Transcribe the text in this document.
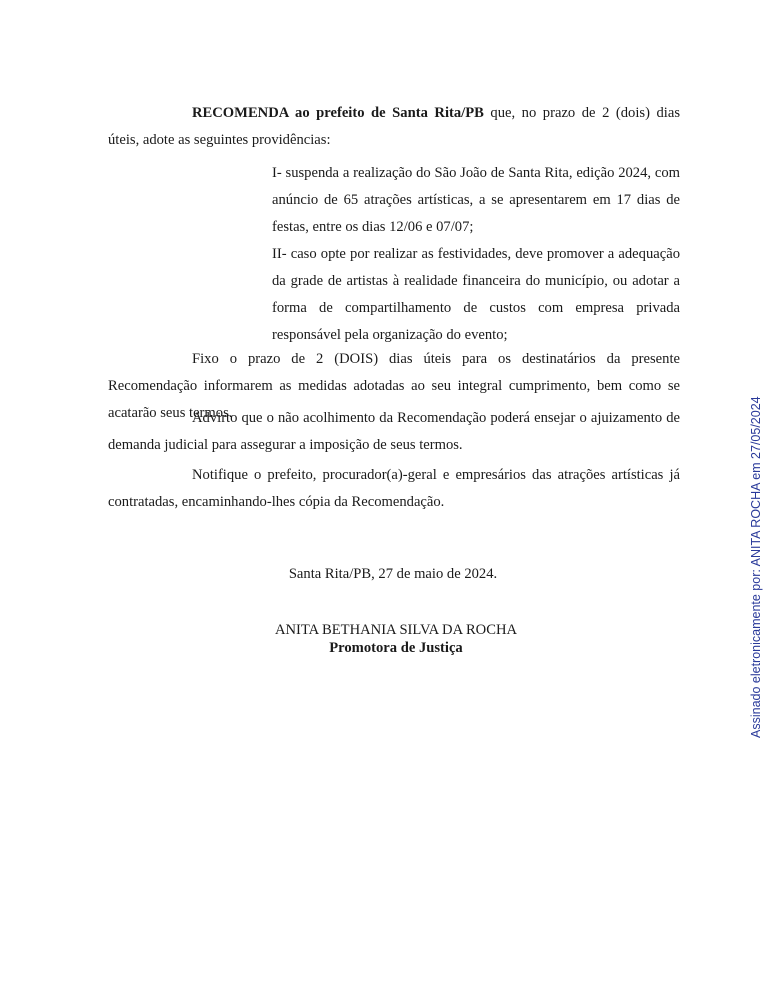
RECOMENDA ao prefeito de Santa Rita/PB que, no prazo de 2 (dois) dias úteis, adote as seguintes providências:

I- suspenda a realização do São João de Santa Rita, edição 2024, com anúncio de 65 atrações artísticas, a se apresentarem em 17 dias de festas, entre os dias 12/06 e 07/07;

II- caso opte por realizar as festividades, deve promover a adequação da grade de artistas à realidade financeira do município, ou adotar a forma de compartilhamento de custos com empresa privada responsável pela organização do evento;

Fixo o prazo de 2 (DOIS) dias úteis para os destinatários da presente Recomendação informarem as medidas adotadas ao seu integral cumprimento, bem como se acatarão seus termos.

Advirto que o não acolhimento da Recomendação poderá ensejar o ajuizamento de demanda judicial para assegurar a imposição de seus termos.

Notifique o prefeito, procurador(a)-geral e empresários das atrações artísticas já contratadas, encaminhando-lhes cópia da Recomendação.

Santa Rita/PB, 27 de maio de 2024.

ANITA BETHANIA SILVA DA ROCHA

Promotora de Justiça	Assinado eletronicamente por: ANITA ROCHA em 27/05/2024
